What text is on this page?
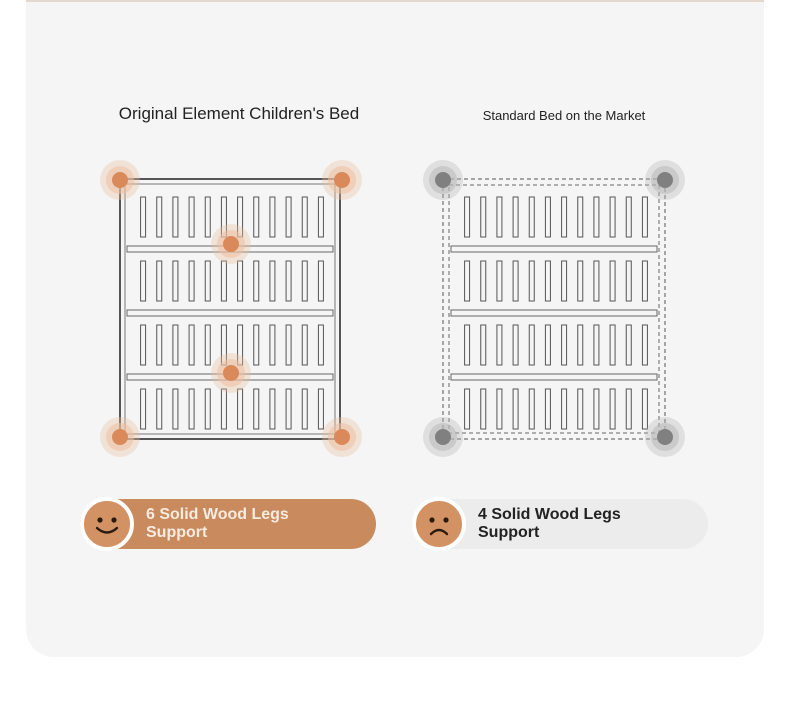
Original Element Children's Bed	Standard Bed on the Market
6 Solid Wood Legs Support
4 Solid Wood Legs Support
